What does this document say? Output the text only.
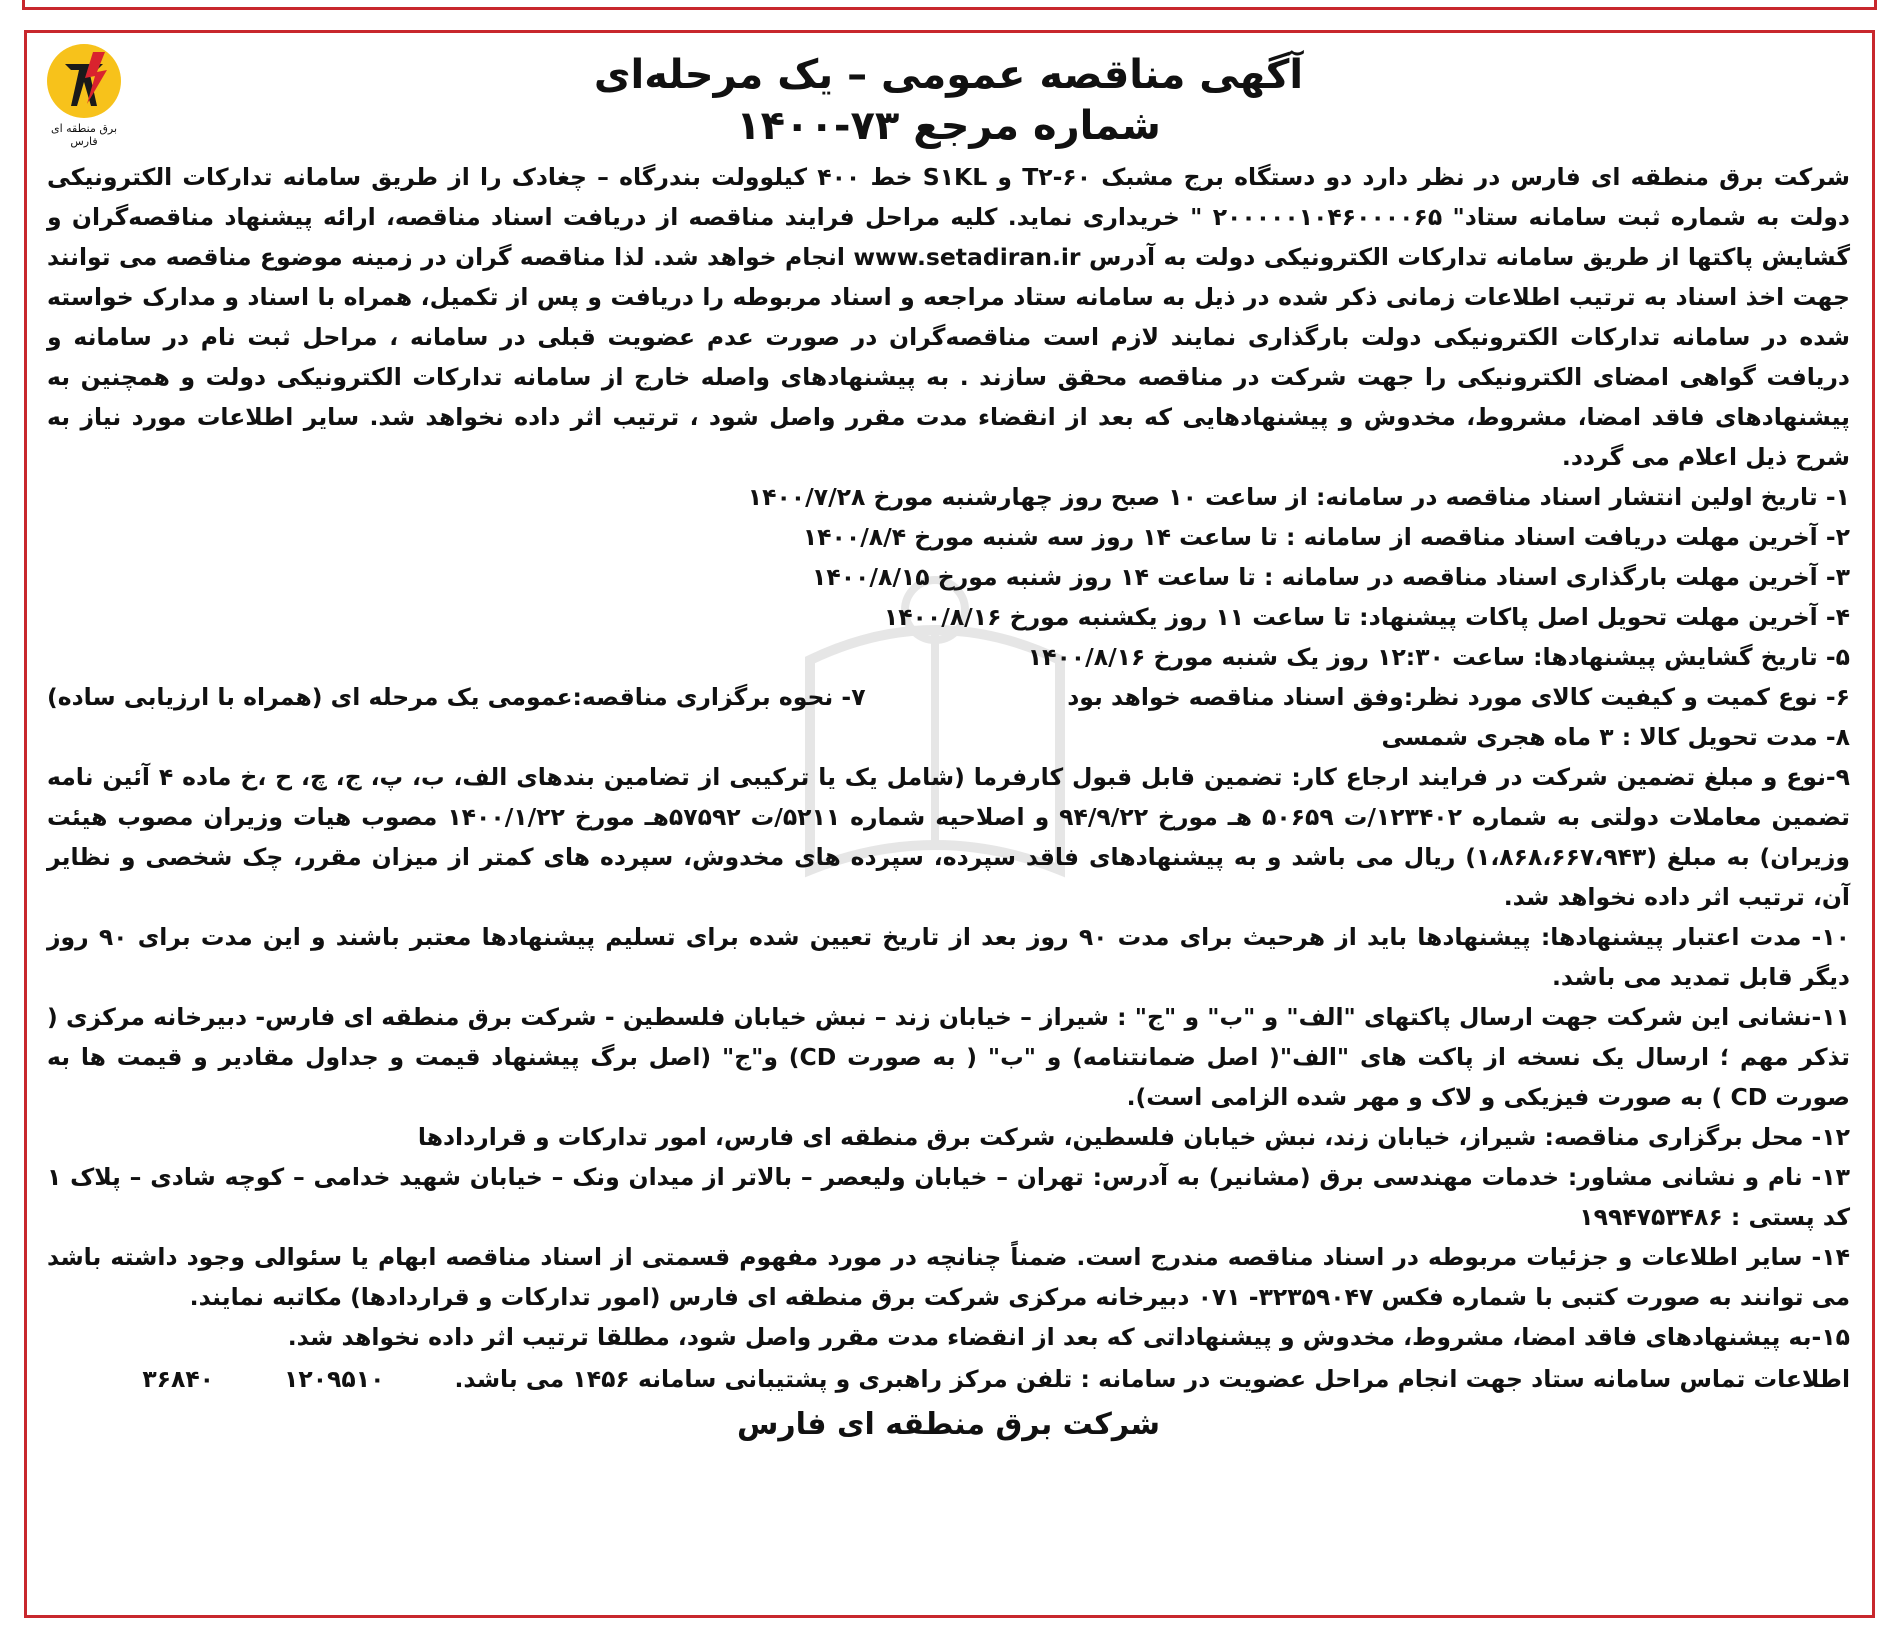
برق منطقه ای فارس
آگهی مناقصه عمومی – یک مرحله‌ای
شماره مرجع ۷۳-۱۴۰۰

شرکت برق منطقه ای فارس در نظر دارد دو دستگاه برج مشبک T۲-۶۰ و S۱KL خط ۴۰۰ کیلوولت بندرگاه – چغادک را از طریق سامانه تدارکات الکترونیکی دولت به شماره ثبت سامانه ستاد" ۲۰۰۰۰۰۱۰۴۶۰۰۰۰۶۵ " خریداری نماید. کلیه مراحل فرایند مناقصه از دریافت اسناد مناقصه، ارائه پیشنهاد مناقصه‌گران و گشایش پاکتها از طریق سامانه تدارکات الکترونیکی دولت به آدرس www.setadiran.ir انجام خواهد شد. لذا مناقصه گران در زمینه موضوع مناقصه می توانند جهت اخذ اسناد به ترتیب اطلاعات زمانی ذکر شده در ذیل به سامانه ستاد مراجعه و اسناد مربوطه را دریافت و پس از تکمیل، همراه با اسناد و مدارک خواسته شده در سامانه تدارکات الکترونیکی دولت بارگذاری نمایند لازم است مناقصه‌گران در صورت عدم عضویت قبلی در سامانه ، مراحل ثبت نام در سامانه و دریافت گواهی امضای الکترونیکی را جهت شرکت در مناقصه محقق سازند . به پیشنهادهای واصله خارج از سامانه تدارکات الکترونیکی دولت و همچنین به پیشنهادهای فاقد امضا، مشروط، مخدوش و پیشنهادهایی که بعد از انقضاء مدت مقرر واصل شود ، ترتیب اثر داده نخواهد شد. سایر اطلاعات مورد نیاز به شرح ذیل اعلام می گردد.

۱- تاریخ اولین انتشار اسناد مناقصه در سامانه: از ساعت ۱۰ صبح روز چهارشنبه مورخ ۱۴۰۰/۷/۲۸

۲- آخرین مهلت دریافت اسناد مناقصه از سامانه : تا ساعت ۱۴ روز سه شنبه مورخ ۱۴۰۰/۸/۴

۳- آخرین مهلت بارگذاری اسناد مناقصه در سامانه : تا ساعت ۱۴ روز شنبه مورخ ۱۴۰۰/۸/۱۵

۴- آخرین مهلت تحویل اصل پاکات پیشنهاد: تا ساعت ۱۱ روز یکشنبه مورخ ۱۴۰۰/۸/۱۶

۵- تاریخ گشایش پیشنهادها: ساعت ۱۲:۳۰ روز یک شنبه مورخ ۱۴۰۰/۸/۱۶

۶- نوع کمیت و کیفیت کالای مورد نظر:وفق اسناد مناقصه خواهد بود
۷- نحوه برگزاری مناقصه:عمومی یک مرحله ای (همراه با ارزیابی ساده)

۸- مدت تحویل کالا : ۳ ماه هجری شمسی

۹-نوع و مبلغ تضمین شرکت در فرایند ارجاع کار: تضمین قابل قبول کارفرما (شامل یک یا ترکیبی از تضامین بندهای الف، ب، پ، ج، چ، ح ،خ ماده ۴ آئین نامه تضمین معاملات دولتی به شماره ۱۲۳۴۰۲/ت ۵۰۶۵۹ هـ مورخ ۹۴/۹/۲۲ و اصلاحیه شماره ۵۲۱۱/ت ۵۷۵۹۲هـ مورخ ۱۴۰۰/۱/۲۲ مصوب هیات وزیران مصوب هیئت وزیران) به مبلغ (۱،۸۶۸،۶۶۷،۹۴۳) ریال می باشد و به پیشنهادهای فاقد سپرده، سپرده های مخدوش، سپرده های کمتر از میزان مقرر، چک شخصی و نظایر آن، ترتیب اثر داده نخواهد شد.

۱۰- مدت اعتبار پیشنهادها: پیشنهادها باید از هرحیث برای مدت ۹۰ روز بعد از تاریخ تعیین شده برای تسلیم پیشنهادها معتبر باشند و این مدت برای ۹۰ روز دیگر قابل تمدید می باشد.

۱۱-نشانی این شرکت جهت ارسال پاکتهای "الف" و "ب" و "ج" : شیراز – خیابان زند – نبش خیابان فلسطین - شرکت برق منطقه ای فارس- دبیرخانه مرکزی ( تذکر مهم ؛ ارسال یک نسخه از پاکت های "الف"( اصل ضمانتنامه) و "ب" ( به صورت CD) و"ج" (اصل برگ پیشنهاد قیمت و جداول مقادیر و قیمت ها به صورت CD ) به صورت فیزیکی و لاک و مهر شده الزامی است).

۱۲- محل برگزاری مناقصه: شیراز، خیابان زند، نبش خیابان فلسطین، شرکت برق منطقه ای فارس، امور تدارکات و قراردادها

۱۳- نام و نشانی مشاور: خدمات مهندسی برق (مشانیر) به آدرس: تهران – خیابان ولیعصر – بالاتر از میدان ونک – خیابان شهید خدامی – کوچه شادی – پلاک ۱ کد پستی : ۱۹۹۴۷۵۳۴۸۶

۱۴- سایر اطلاعات و جزئیات مربوطه در اسناد مناقصه مندرج است. ضمناً چنانچه در مورد مفهوم قسمتی از اسناد مناقصه ابهام یا سئوالی وجود داشته باشد می توانند به صورت کتبی با شماره فکس ۳۲۳۵۹۰۴۷- ۰۷۱ دبیرخانه مرکزی شرکت برق منطقه ای فارس (امور تدارکات و قراردادها) مکاتبه نمایند.

۱۵-به پیشنهادهای فاقد امضا، مشروط، مخدوش و پیشنهاداتی که بعد از انقضاء مدت مقرر واصل شود، مطلقا ترتیب اثر داده نخواهد شد.

اطلاعات تماس سامانه ستاد جهت انجام مراحل عضویت در سامانه : تلفن مرکز راهبری و پشتیبانی سامانه ۱۴۵۶ می باشد.
۱۲۰۹۵۱۰
۳۶۸۴۰
شرکت برق منطقه ای فارس
